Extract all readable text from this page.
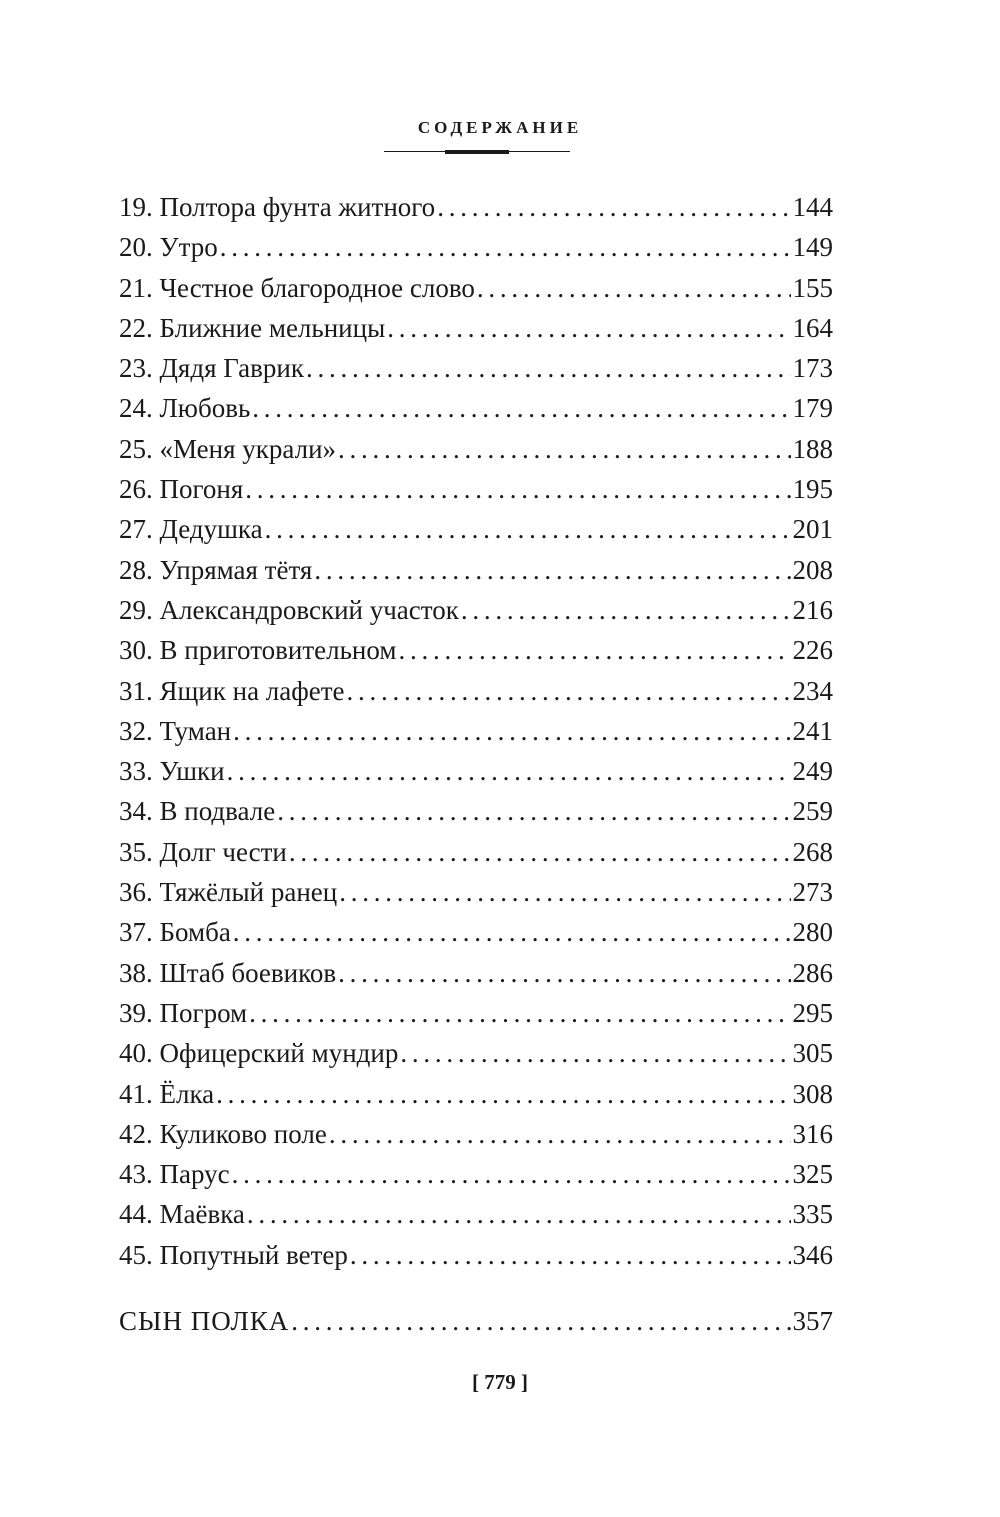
СОДЕРЖАНИЕ
19. Полтора фунта житного . . .	144
20. Утро . . .	149
21. Честное благородное слово . . .	155
22. Ближние мельницы . . .	164
23. Дядя Гаврик . . .	173
24. Любовь . . .	179
25. «Меня украли» . . .	188
26. Погоня . . .	195
27. Дедушка . . .	201
28. Упрямая тётя . . .	208
29. Александровский участок . . .	216
30. В приготовительном . . .	226
31. Ящик на лафете . . .	234
32. Туман . . .	241
33. Ушки . . .	249
34. В подвале . . .	259
35. Долг чести . . .	268
36. Тяжёлый ранец . . .	273
37. Бомба . . .	280
38. Штаб боевиков . . .	286
39. Погром . . .	295
40. Офицерский мундир . . .	305
41. Ёлка . . .	308
42. Куликово поле . . .	316
43. Парус . . .	325
44. Маёвка . . .	335
45. Попутный ветер . . .	346
СЫН ПОЛКА . . .	357
[ 779 ]
